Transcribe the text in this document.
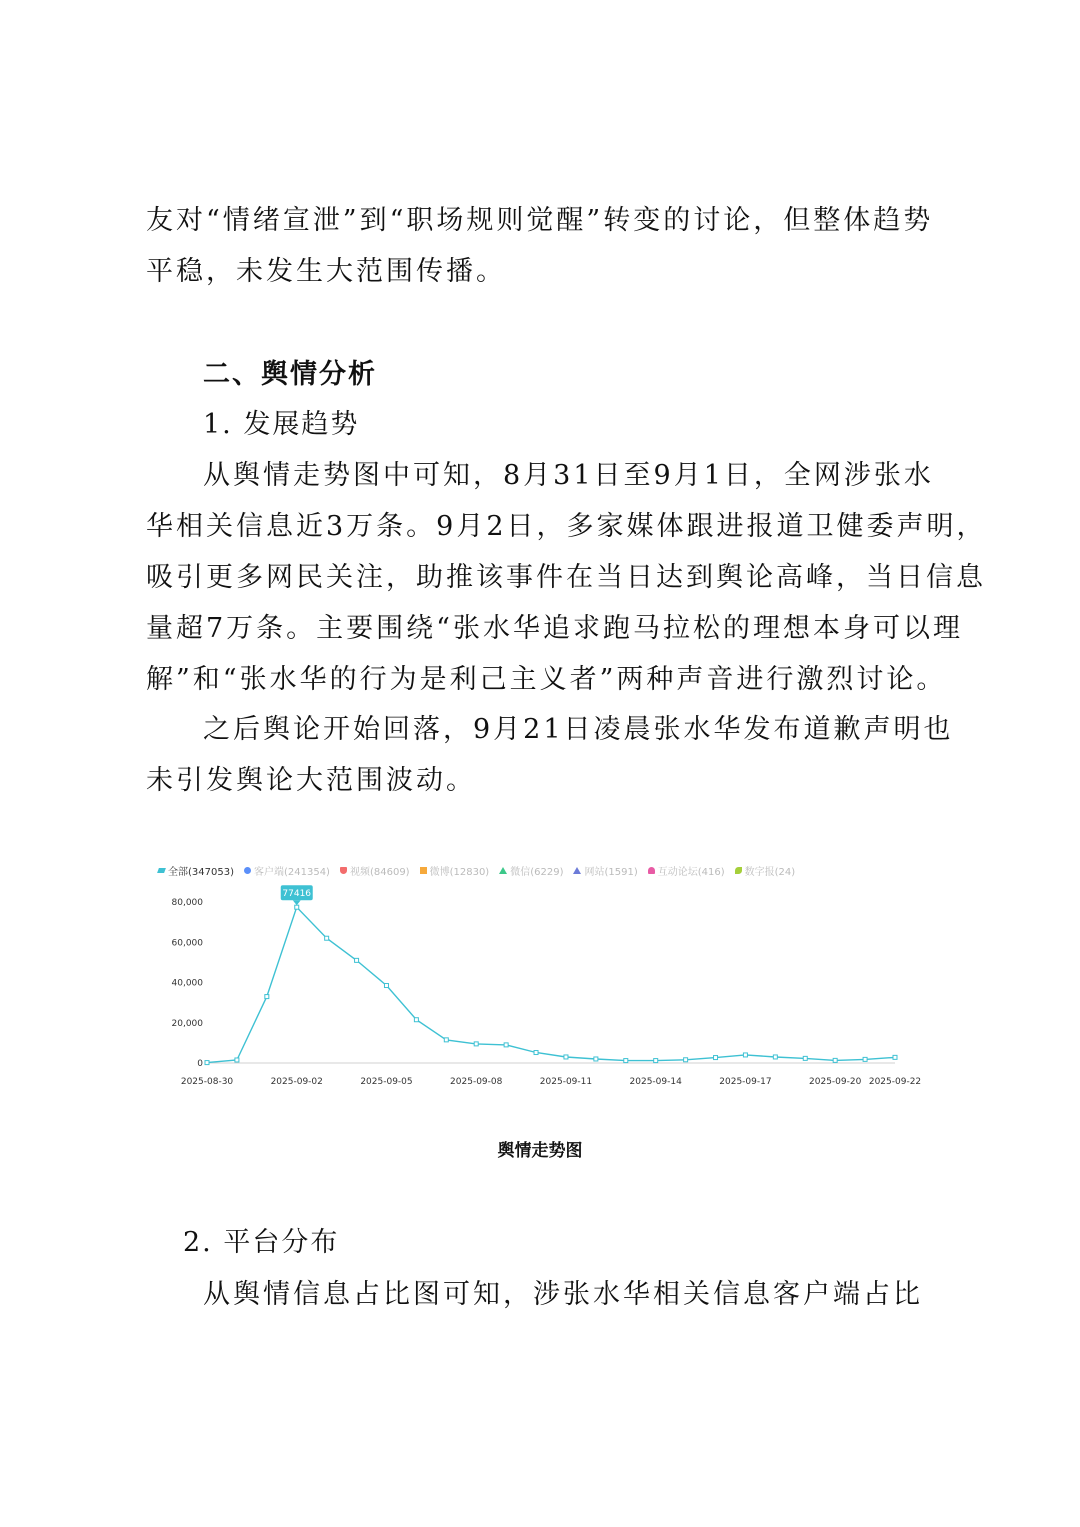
友对“情绪宣泄”到“职场规则觉醒”转变的讨论，但整体趋势
平稳，未发生大范围传播。

二、舆情分析
1. 发展趋势

从舆情走势图中可知，8月31日至9月1日，全网涉张水
华相关信息近3万条。9月2日，多家媒体跟进报道卫健委声明，
吸引更多网民关注，助推该事件在当日达到舆论高峰，当日信息
量超7万条。主要围绕“张水华追求跑马拉松的理想本身可以理
解”和“张水华的行为是利己主义者”两种声音进行激烈讨论。

之后舆论开始回落，9月21日凌晨张水华发布道歉声明也
未引发舆论大范围波动。

全部(347053) 客户端(241354) 视频(84609) 微博(12830) 微信(6229) 网站(1591) 互动论坛(416) 数字报(24)
0
20,000
40,000
60,000
80,000
2025-08-30	2025-09-02	2025-09-05	2025-09-08	2025-09-11	2025-09-14	2025-09-17	2025-09-20 2025-09-22
77416

舆情走势图

2. 平台分布

从舆情信息占比图可知，涉张水华相关信息客户端占比
